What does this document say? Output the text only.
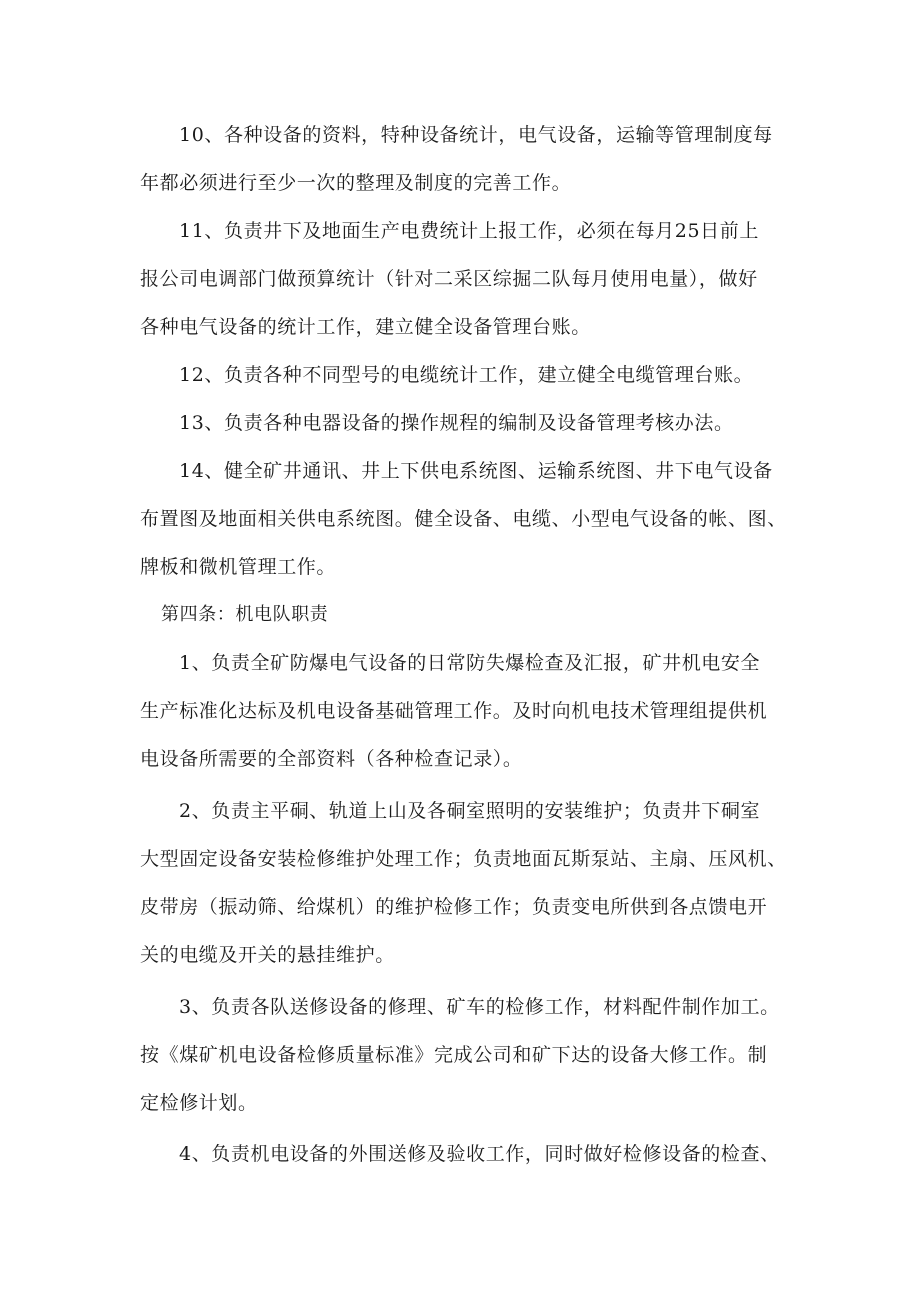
10、各种设备的资料，特种设备统计，电气设备，运输等管理制度每
年都必须进行至少一次的整理及制度的完善工作。
11、负责井下及地面生产电费统计上报工作，必须在每月25日前上
报公司电调部门做预算统计（针对二采区综掘二队每月使用电量），做好
各种电气设备的统计工作，建立健全设备管理台账。
12、负责各种不同型号的电缆统计工作，建立健全电缆管理台账。
13、负责各种电器设备的操作规程的编制及设备管理考核办法。
14、健全矿井通讯、井上下供电系统图、运输系统图、井下电气设备
布置图及地面相关供电系统图。健全设备、电缆、小型电气设备的帐、图、
牌板和微机管理工作。
第四条：机电队职责
1、负责全矿防爆电气设备的日常防失爆检查及汇报，矿井机电安全
生产标准化达标及机电设备基础管理工作。及时向机电技术管理组提供机
电设备所需要的全部资料（各种检查记录）。
2、负责主平硐、轨道上山及各硐室照明的安装维护；负责井下硐室
大型固定设备安装检修维护处理工作；负责地面瓦斯泵站、主扇、压风机、
皮带房（振动筛、给煤机）的维护检修工作；负责变电所供到各点馈电开
关的电缆及开关的悬挂维护。
3、负责各队送修设备的修理、矿车的检修工作，材料配件制作加工。
按《煤矿机电设备检修质量标准》完成公司和矿下达的设备大修工作。制
定检修计划。
4、负责机电设备的外围送修及验收工作，同时做好检修设备的检查、
